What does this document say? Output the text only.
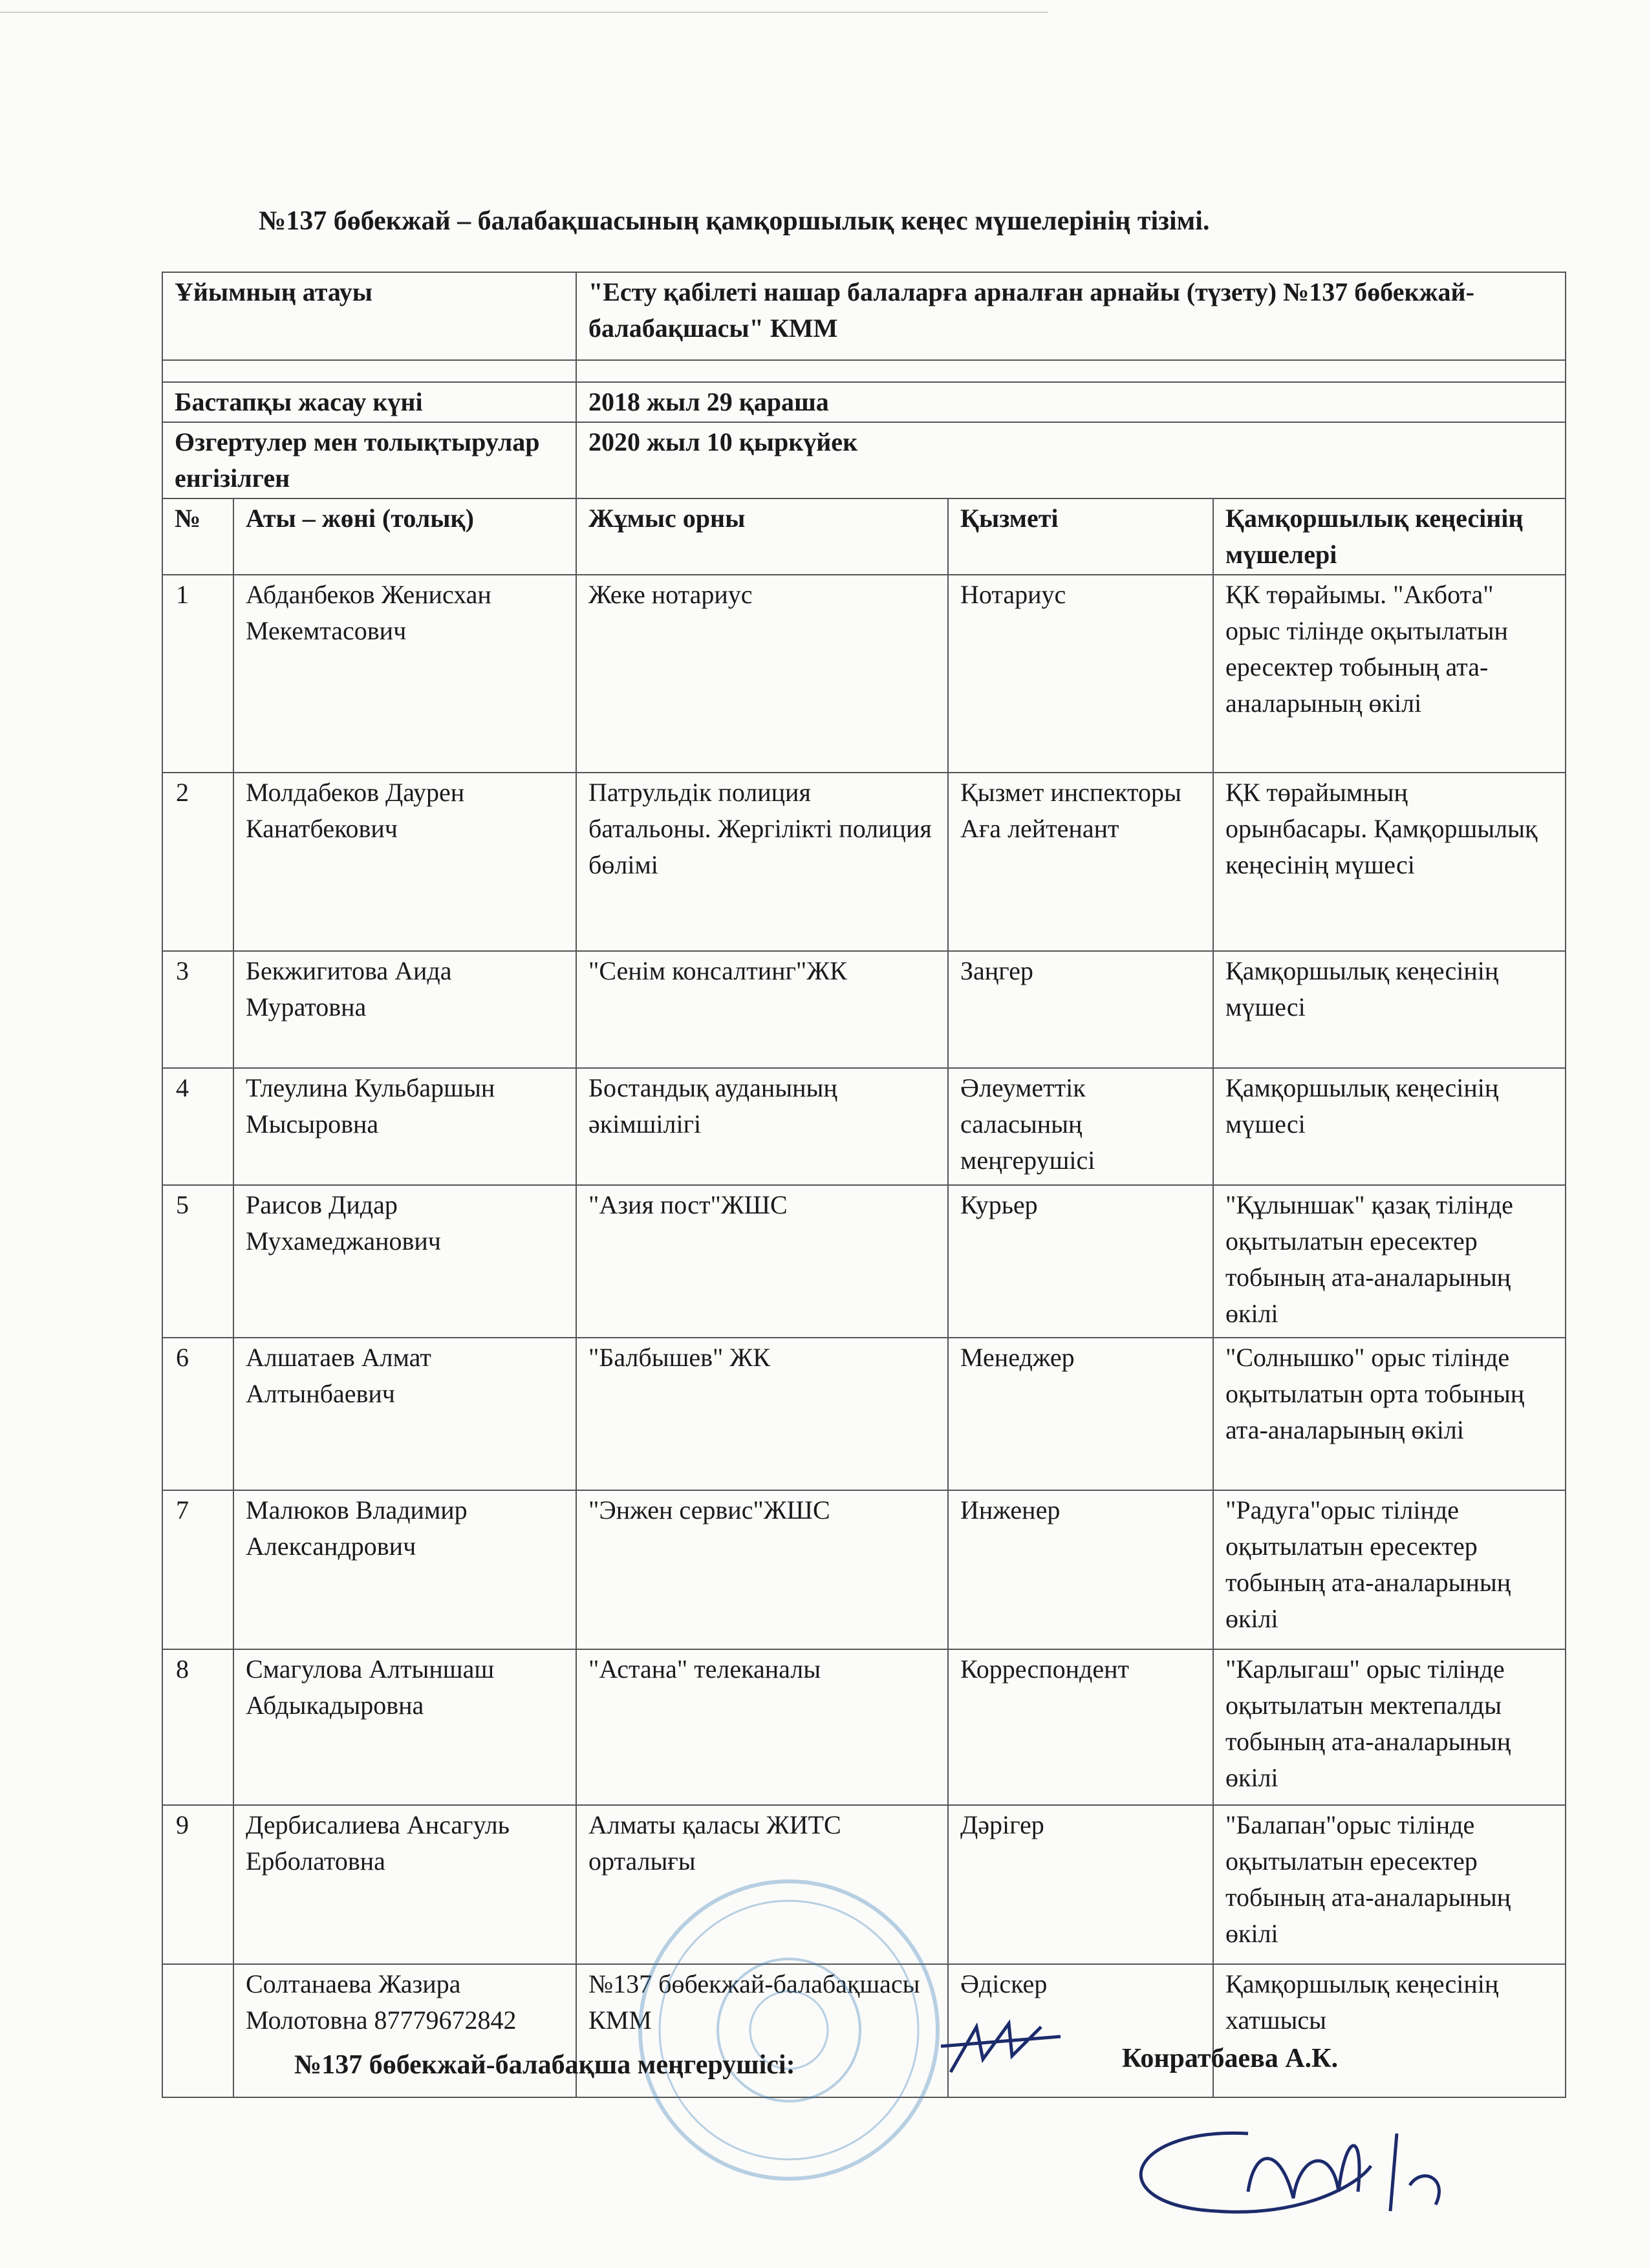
№137 бөбекжай – балабақшасының қамқоршылық кеңес мүшелерінің тізімі.
Ұйымның атауы		"Есту қабілеті нашар балаларға арналған арнайы (түзету) №137 бөбекжай- балабақшасы" КММ		

Бастапқы жасау күні		2018 жыл 29 қараша		
Өзгертулер мен толықтырулар енгізілген		2020 жыл 10 қыркүйек		
№	Аты – жөні (толық)	Жұмыс орны	Қызметі	Қамқоршылық кеңесінің мүшелері
1	Абданбеков Женисхан Мекемтасович	Жеке нотариус	Нотариус	ҚК төрайымы. "Акбота" орыс тілінде оқытылатын ересектер тобының ата-аналарының өкілі
2	Молдабеков Даурен Канатбекович	Патрульдік полиция батальоны. Жергілікті полиция бөлімі	Қызмет инспекторы Аға лейтенант	ҚК төрайымның орынбасары. Қамқоршылық кеңесінің мүшесі
3	Бекжигитова Аида Муратовна	"Сенім консалтинг"ЖК	Заңгер	Қамқоршылық кеңесінің мүшесі
4	Тлеулина Кульбаршын Мысыровна	Бостандық ауданының әкімшілігі	Әлеуметтік саласының меңгерушісі	Қамқоршылық кеңесінің мүшесі
5	Раисов Дидар Мухамеджанович	"Азия пост"ЖШС	Курьер	"Құлыншак" қазақ тілінде оқытылатын ересектер тобының ата-аналарының өкілі
6	Алшатаев Алмат Алтынбаевич	"Балбышев" ЖК	Менеджер	"Солнышко" орыс тілінде оқытылатын орта тобының ата-аналарының өкілі
7	Малюков Владимир Александрович	"Энжен сервис"ЖШС	Инженер	"Радуга"орыс тілінде оқытылатын ересектер тобының ата-аналарының өкілі
8	Смагулова Алтыншаш Абдыкадыровна	"Астана" телеканалы	Корреспондент	"Карлыгаш" орыс тілінде оқытылатын мектепалды тобының ата-аналарының өкілі
9	Дербисалиева Ансагуль Ерболатовна	Алматы қаласы ЖИТС орталығы	Дәрігер	"Балапан"орыс тілінде оқытылатын ересектер тобының ата-аналарының өкілі
	Солтанаева Жазира Молотовна 87779672842	№137 бөбекжай-балабақшасы КММ	Әдіскер	Қамқоршылық кеңесінің хатшысы
№137 бөбекжай-балабақша меңгерушісі:	Конратбаева А.К.
